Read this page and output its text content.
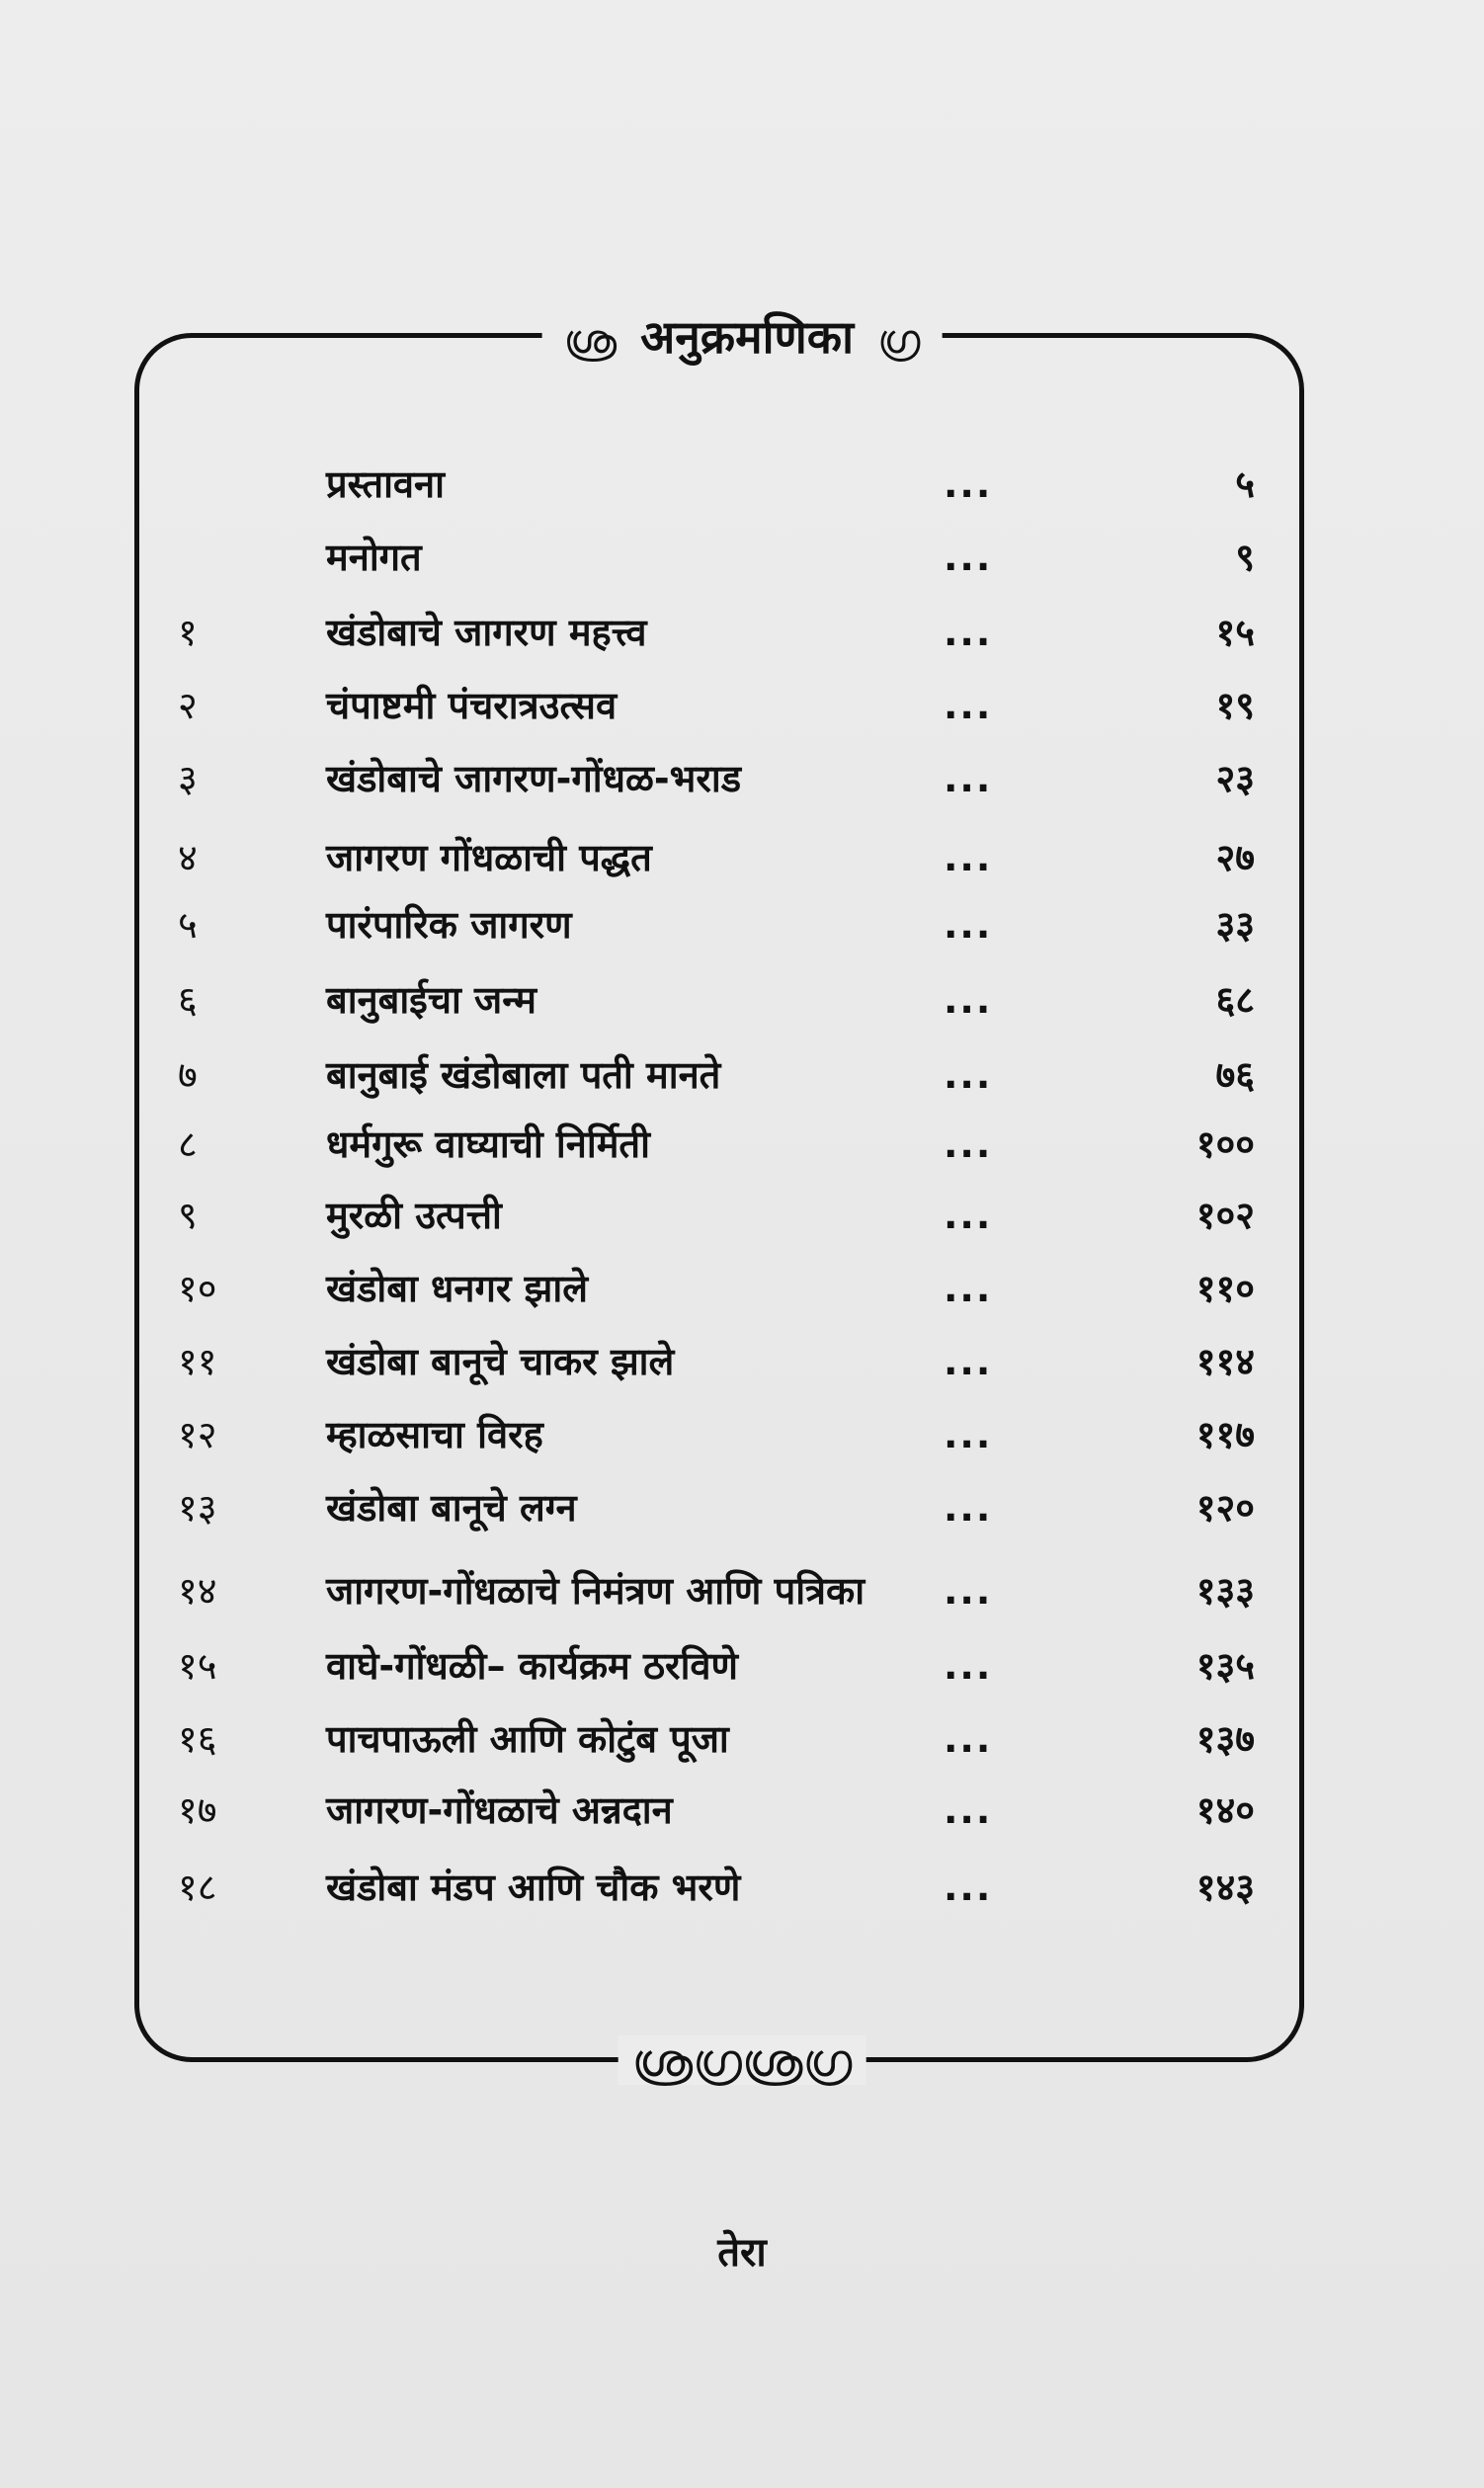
ശ്ര अनुक्रमणिका ഗ്ര
प्रस्तावना	...	५
मनोगत	...	९
१	खंडोबाचे जागरण महत्त्व	...	१५
२	चंपाष्टमी पंचरात्रउत्सव	...	१९
३	खंडोबाचे जागरण-गोंधळ-भराड	...	२३
४	जागरण गोंधळाची पद्धत	...	२७
५	पारंपारिक जागरण	...	३३
६	बानुबाईचा जन्म	...	६८
७	बानुबाई खंडोबाला पती मानते	...	७६
८	धर्मगुरू वाघ्याची निर्मिती	...	१००
९	मुरळी उत्पत्ती	...	१०२
१०	खंडोबा धनगर झाले	...	११०
११	खंडोबा बानूचे चाकर झाले	...	११४
१२	म्हाळसाचा विरह	...	११७
१३	खंडोबा बानूचे लग्न	...	१२०
१४	जागरण-गोंधळाचे निमंत्रण आणि पत्रिका ...	१३३
१५	वाघे-गोंधळी– कार्यक्रम ठरविणे	...	१३५
१६	पाचपाऊली आणि कोटुंब पूजा	...	१३७
१७	जागरण-गोंधळाचे अन्नदान	...	१४०
१८	खंडोबा मंडप आणि चौक भरणे	...	१४३
ശ്രഗ്രശ്രഗ്ര
तेरा
